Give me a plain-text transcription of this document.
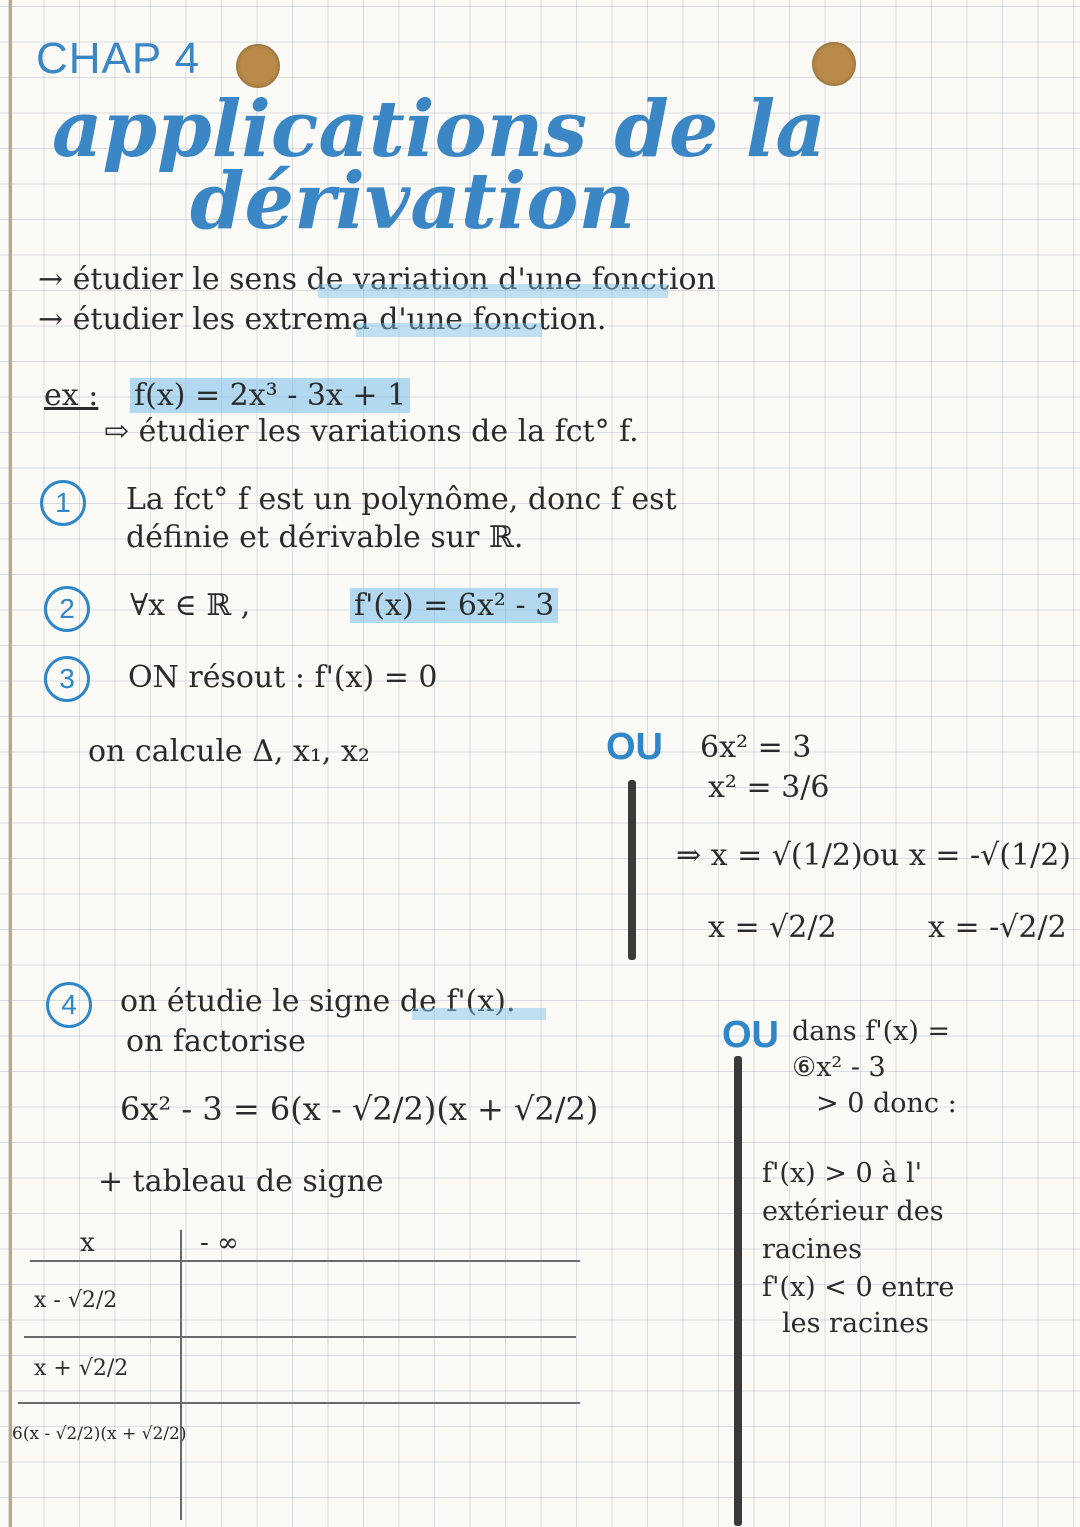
CHAP 4
applications de la
dérivation
→ étudier le sens de variation d'une fonction
→ étudier les extrema d'une fonction.
ex : f(x) = 2x³ - 3x + 1
⇨ étudier les variations de la fct° f.
1	La fct° f est un polynôme, donc f est
définie et dérivable sur ℝ.
2	∀x ∈ ℝ ,	f'(x) = 6x² - 3
3	ON résout : f'(x) = 0
on calcule Δ, x₁, x₂	OU 6x² = 3
x² = 3/6
⇒ x = √(1/2) ou x = -√(1/2)
x = √2/2	x = -√2/2
4	on étudie le signe de f'(x).
on factorise
6x² - 3 = 6(x - √2/2)(x + √2/2)
+ tableau de signe
x	- ∞
x - √2/2
x + √2/2
6(x - √2/2)(x + √2/2)
OU dans f'(x) =
⑥x² - 3
> 0 donc :
f'(x) > 0 à l'
extérieur des
racines
f'(x) < 0 entre
les racines
